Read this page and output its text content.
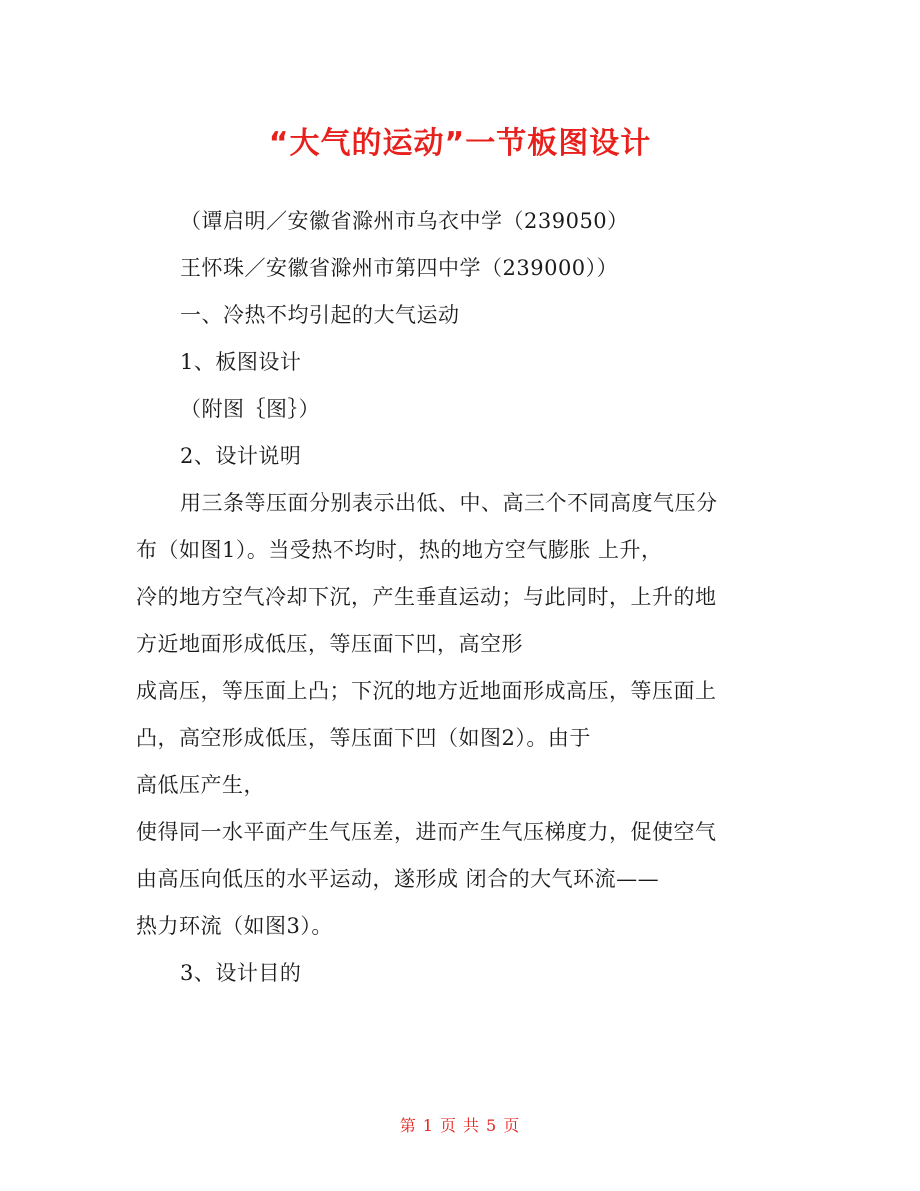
“大气的运动”一节板图设计

（谭启明／安徽省滁州市乌衣中学（239050）

王怀珠／安徽省滁州市第四中学（239000））

一、冷热不均引起的大气运动

1、板图设计

（附图｛图｝）

2、设计说明

用三条等压面分别表示出低、中、高三个不同高度气压分

布（如图1）。当受热不均时，热的地方空气膨胀 上升，

冷的地方空气冷却下沉，产生垂直运动；与此同时，上升的地

方近地面形成低压，等压面下凹，高空形

成高压，等压面上凸；下沉的地方近地面形成高压，等压面上

凸，高空形成低压，等压面下凹（如图2）。由于

高低压产生，

使得同一水平面产生气压差，进而产生气压梯度力，促使空气

由高压向低压的水平运动，遂形成 闭合的大气环流——

热力环流（如图3）。

3、设计目的

第 1 页 共 5 页
